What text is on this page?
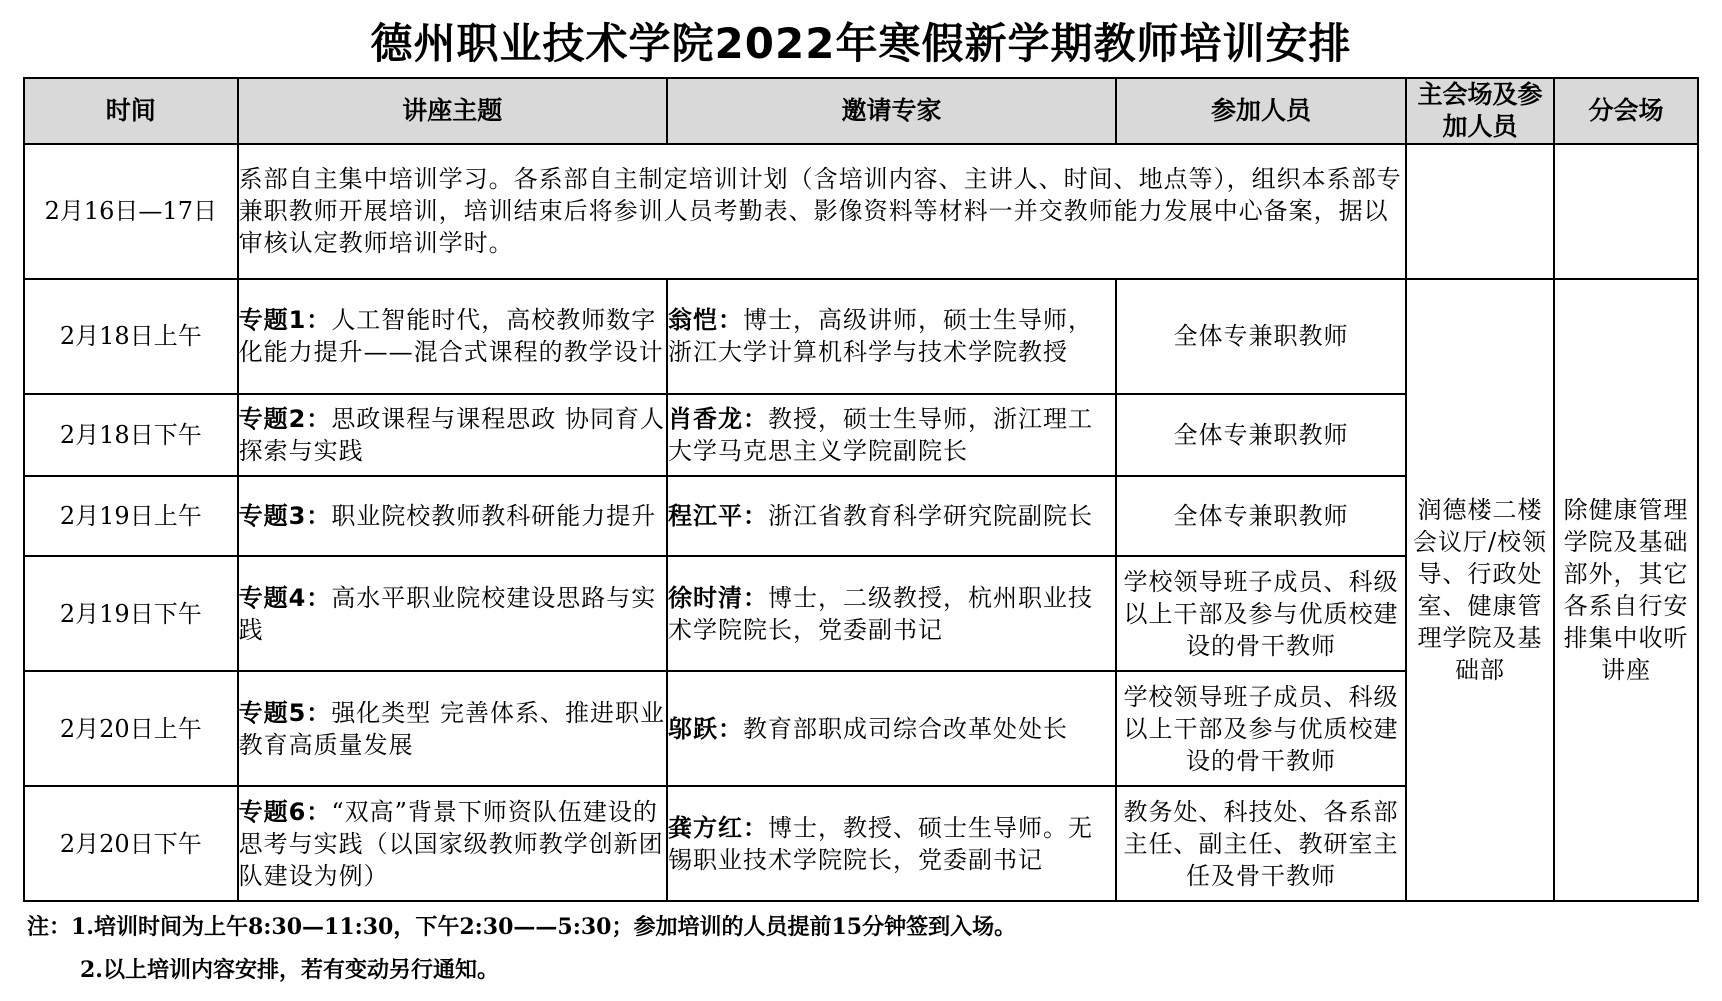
德州职业技术学院2022年寒假新学期教师培训安排
时间	讲座主题	邀请专家	参加人员	主会场及参加人员	分会场
2月16日—17日	系部自主集中培训学习。各系部自主制定培训计划（含培训内容、主讲人、时间、地点等），组织本系部专兼职教师开展培训，培训结束后将参训人员考勤表、影像资料等材料一并交教师能力发展中心备案，据以审核认定教师培训学时。				
2月18日上午	专题1：人工智能时代，高校教师数字化能力提升——混合式课程的教学设计	翁恺：博士，高级讲师，硕士生导师，浙江大学计算机科学与技术学院教授	全体专兼职教师	润德楼二楼会议厅/校领导、行政处室、健康管理学院及基础部	除健康管理学院及基础部外，其它各系自行安排集中收听讲座
2月18日下午	专题2：思政课程与课程思政 协同育人探索与实践	肖香龙：教授，硕士生导师，浙江理工大学马克思主义学院副院长	全体专兼职教师		
2月19日上午	专题3：职业院校教师教科研能力提升	程江平：浙江省教育科学研究院副院长	全体专兼职教师		
2月19日下午	专题4：高水平职业院校建设思路与实践	徐时清：博士，二级教授，杭州职业技术学院院长，党委副书记	学校领导班子成员、科级以上干部及参与优质校建设的骨干教师		
2月20日上午	专题5：强化类型 完善体系、推进职业教育高质量发展	邬跃：教育部职成司综合改革处处长	学校领导班子成员、科级以上干部及参与优质校建设的骨干教师		
2月20日下午	专题6：“双高”背景下师资队伍建设的思考与实践（以国家级教师教学创新团队建设为例）	龚方红：博士，教授、硕士生导师。无锡职业技术学院院长，党委副书记	教务处、科技处、各系部主任、副主任、教研室主任及骨干教师		
注：1.培训时间为上午8:30—11:30，下午2:30——5:30；参加培训的人员提前15分钟签到入场。
2.以上培训内容安排，若有变动另行通知。
